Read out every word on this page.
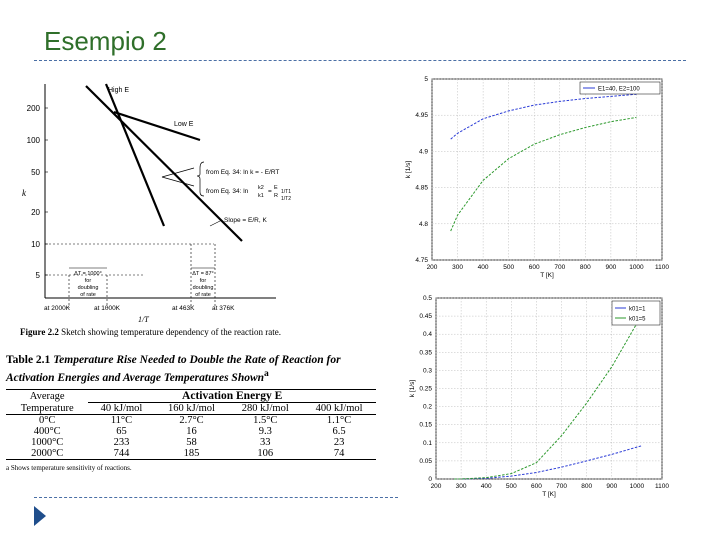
Esempio 2
200
100
50
20
10
5
k
High E
Low E
from Eq. 34: ln k = - E/RT
from Eq. 34: ln k2
k1
= E
R
1/T1
1/T2
Slope = E/R, K
ΔT = 1000°
for
doubling
of rate
ΔT = 87°
for
doubling
of rate
at 2000K	at 1000K	at 463K	at 376K
1/T
Figure 2.2 Sketch showing temperature dependency of the reaction rate.
Table 2.1 Temperature Rise Needed to Double the Rate of Reaction for Activation Energies and Average Temperatures Shown$^a$
Average	Activation Energy E			
Temperature	40 kJ/mol	160 kJ/mol	280 kJ/mol	400 kJ/mol
0°C	11°C	2.7°C	1.5°C	1.1°C
400°C	65	16	9.3	6.5
1000°C	233	58	33	23
2000°C	744	185	106	74
a Shows temperature sensitivity of reactions.
200 300 400 500 600 700 800 900 1000 1100
4.75
4.8
4.85
4.9
4.95
5
T [K]
k [1/s]
E1=40, E2=100
200 300 400 500 600 700 800 900 1000 1100
0
0.05
0.1
0.15
0.2
0.25
0.3
0.35
0.4
0.45
0.5
T [K]
k [1/s]
k01=1
k01=5
